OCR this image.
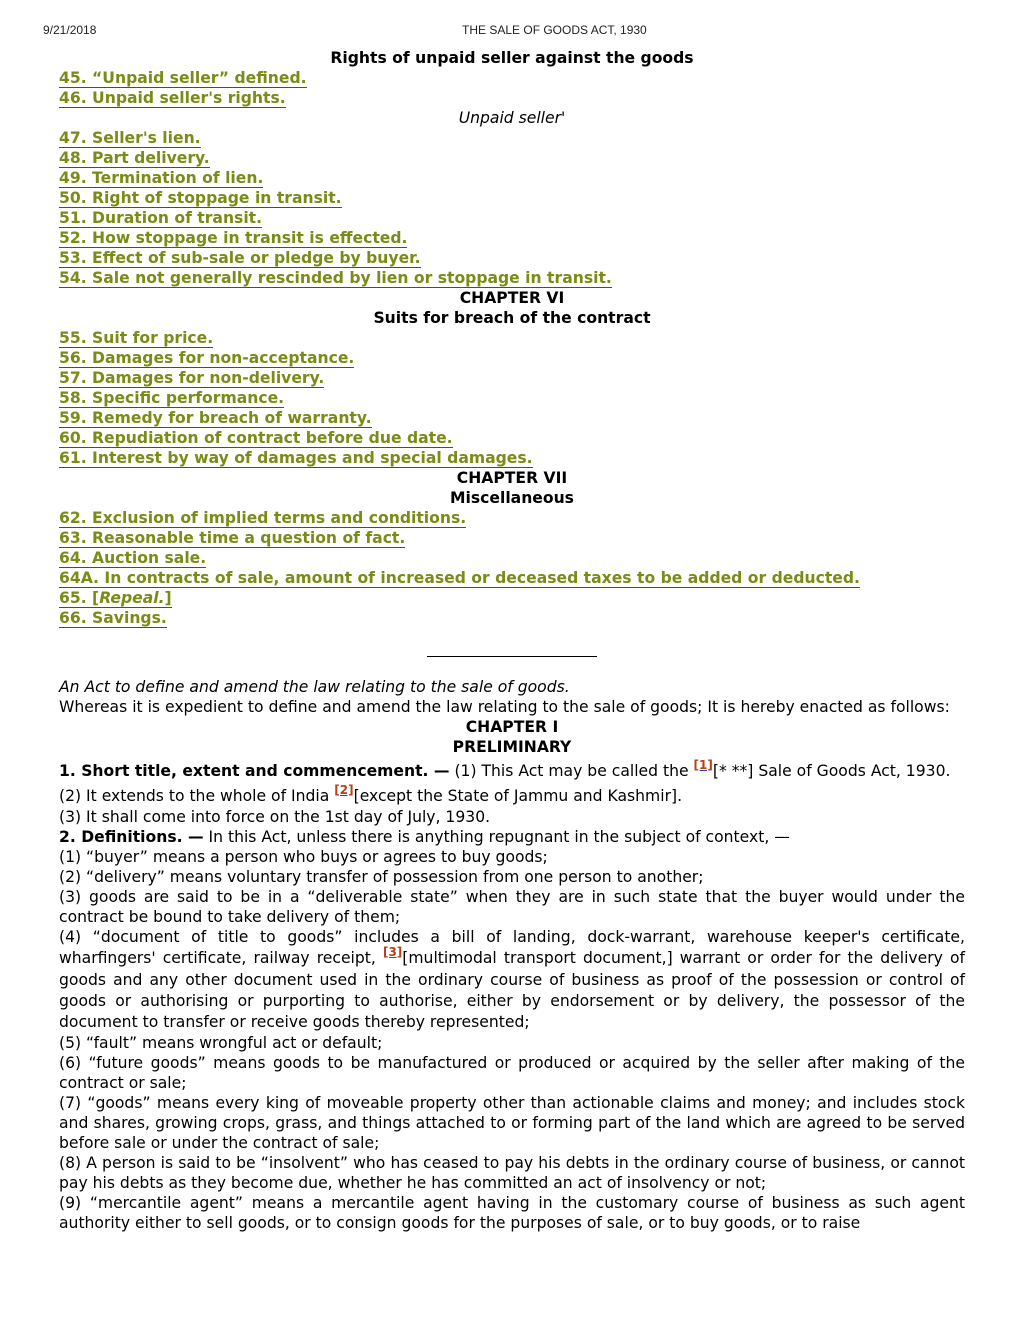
9/21/2018	THE SALE OF GOODS ACT, 1930
Rights of unpaid seller against the goods
45. “Unpaid seller” defined.
46. Unpaid seller's rights.
Unpaid seller'
47. Seller's lien.
48. Part delivery.
49. Termination of lien.
50. Right of stoppage in transit.
51. Duration of transit.
52. How stoppage in transit is effected.
53. Effect of sub-sale or pledge by buyer.
54. Sale not generally rescinded by lien or stoppage in transit.
CHAPTER VI
Suits for breach of the contract
55. Suit for price.
56. Damages for non-acceptance.
57. Damages for non-delivery.
58. Specific performance.
59. Remedy for breach of warranty.
60. Repudiation of contract before due date.
61. Interest by way of damages and special damages.
CHAPTER VII
Miscellaneous
62. Exclusion of implied terms and conditions.
63. Reasonable time a question of fact.
64. Auction sale.
64A. In contracts of sale, amount of increased or deceased taxes to be added or deducted.
65. [Repeal.]
66. Savings.

An Act to define and amend the law relating to the sale of goods.

Whereas it is expedient to define and amend the law relating to the sale of goods; It is hereby enacted as follows:

CHAPTER I
PRELIMINARY

1. Short title, extent and commencement. — (1) This Act may be called the [1][* **] Sale of Goods Act, 1930.

(2) It extends to the whole of India [2][except the State of Jammu and Kashmir].

(3) It shall come into force on the 1st day of July, 1930.

2. Definitions. — In this Act, unless there is anything repugnant in the subject of context, —

(1) “buyer” means a person who buys or agrees to buy goods;

(2) “delivery” means voluntary transfer of possession from one person to another;

(3) goods are said to be in a “deliverable state” when they are in such state that the buyer would under the contract be bound to take delivery of them;

(4) “document of title to goods” includes a bill of landing, dock-warrant, warehouse keeper's certificate, wharfingers' certificate, railway receipt, [3][multimodal transport document,] warrant or order for the delivery of goods and any other document used in the ordinary course of business as proof of the possession or control of goods or authorising or purporting to authorise, either by endorsement or by delivery, the possessor of the document to transfer or receive goods thereby represented;

(5) “fault” means wrongful act or default;

(6) “future goods” means goods to be manufactured or produced or acquired by the seller after making of the contract or sale;

(7) “goods” means every king of moveable property other than actionable claims and money; and includes stock and shares, growing crops, grass, and things attached to or forming part of the land which are agreed to be served before sale or under the contract of sale;

(8) A person is said to be “insolvent” who has ceased to pay his debts in the ordinary course of business, or cannot pay his debts as they become due, whether he has committed an act of insolvency or not;

(9) “mercantile agent” means a mercantile agent having in the customary course of business as such agent authority either to sell goods, or to consign goods for the purposes of sale, or to buy goods, or to raise
